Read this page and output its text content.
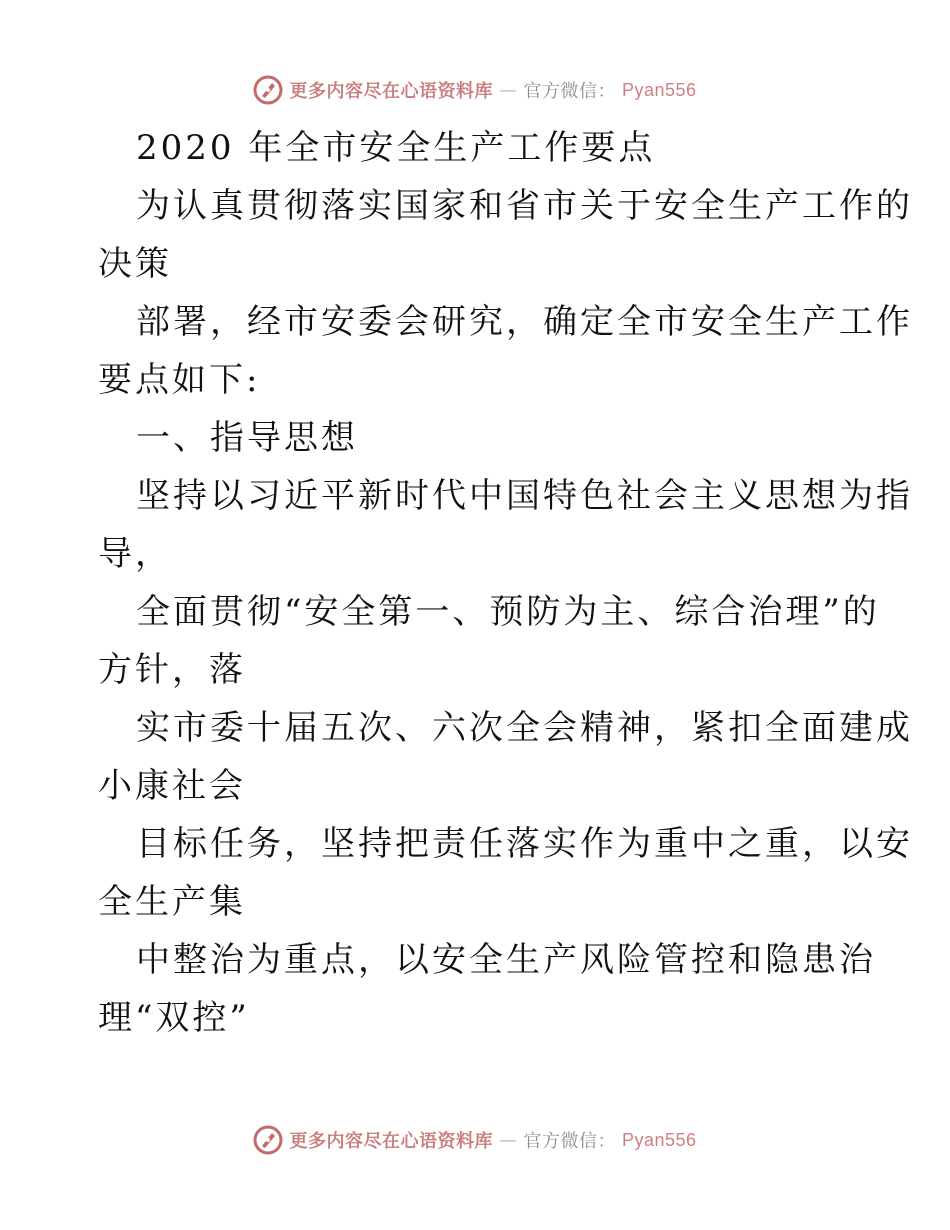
更多内容尽在心语资料库 — 官方微信： Pyan556
2020 年全市安全生产工作要点
为认真贯彻落实国家和省市关于安全生产工作的
决策
部署，经市安委会研究，确定全市安全生产工作
要点如下:
一、指导思想
坚持以习近平新时代中国特色社会主义思想为指
导，
全面贯彻“安全第一、预防为主、综合治理”的
方针，落
实市委十届五次、六次全会精神，紧扣全面建成
小康社会
目标任务，坚持把责任落实作为重中之重，以安
全生产集
中整治为重点，以安全生产风险管控和隐患治
理“双控”
更多内容尽在心语资料库 — 官方微信： Pyan556
